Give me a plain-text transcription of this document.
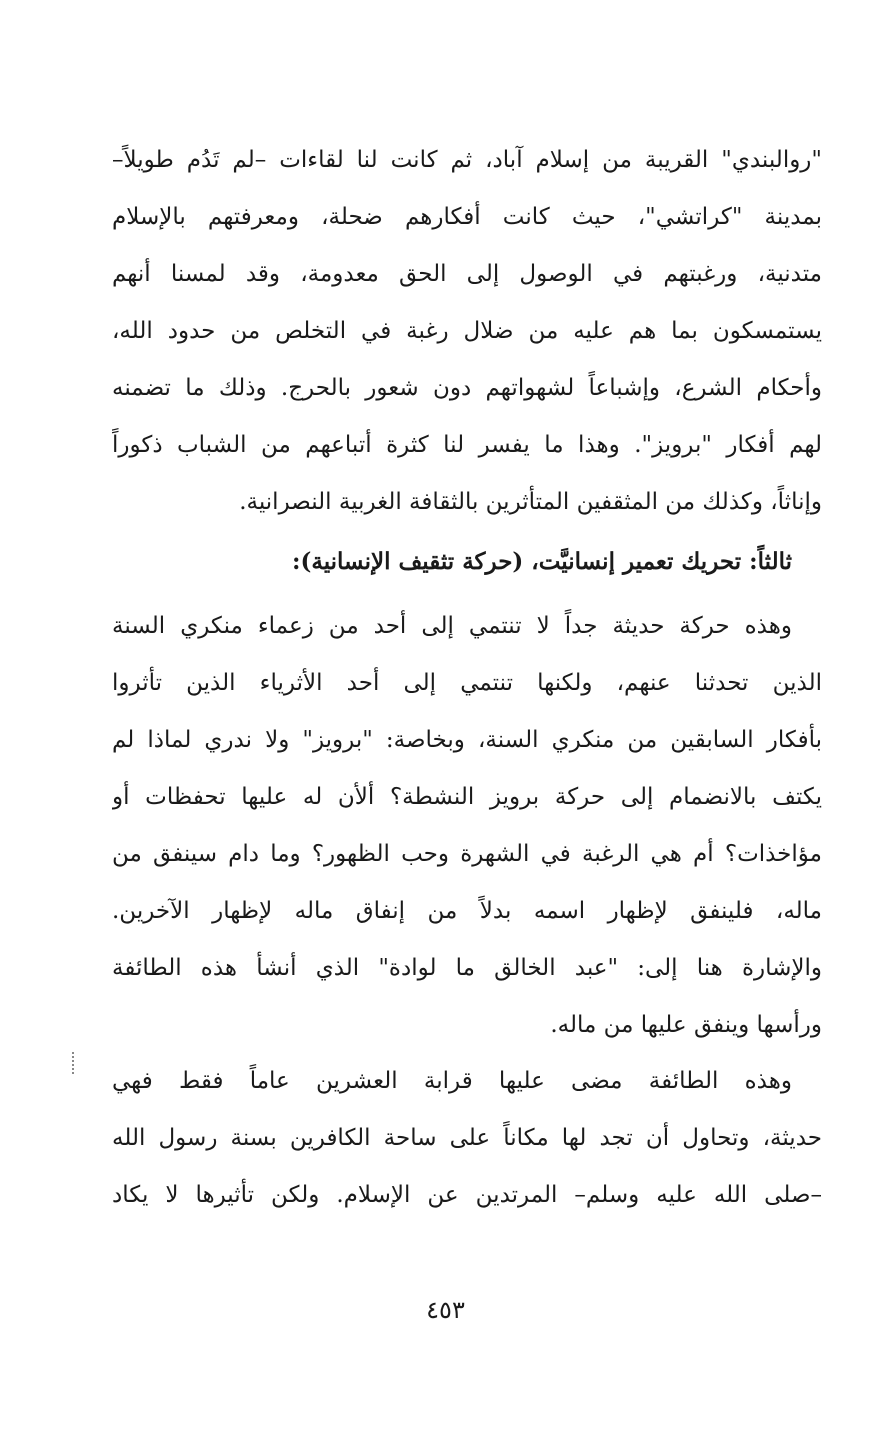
"روالبندي" القريبة من إسلام آباد، ثم كانت لنا لقاءات –لم تَدُم طويلاً–
بمدينة "كراتشي"، حيث كانت أفكارهم ضحلة، ومعرفتهم بالإسلام
متدنية، ورغبتهم في الوصول إلى الحق معدومة، وقد لمسنا أنهم
يستمسكون بما هم عليه من ضلال رغبة في التخلص من حدود الله،
وأحكام الشرع، وإشباعاً لشهواتهم دون شعور بالحرج. وذلك ما تضمنه
لهم أفكار "برويز". وهذا ما يفسر لنا كثرة أتباعهم من الشباب ذكوراً
وإناثاً، وكذلك من المثقفين المتأثرين بالثقافة الغربية النصرانية.
ثالثاً: تحريك تعمير إنسانيَّت، (حركة تثقيف الإنسانية):
وهذه حركة حديثة جداً لا تنتمي إلى أحد من زعماء منكري السنة
الذين تحدثنا عنهم، ولكنها تنتمي إلى أحد الأثرياء الذين تأثروا
بأفكار السابقين من منكري السنة، وبخاصة: "برويز" ولا ندري لماذا لم
يكتف بالانضمام إلى حركة برويز النشطة؟ ألأن له عليها تحفظات أو
مؤاخذات؟ أم هي الرغبة في الشهرة وحب الظهور؟ وما دام سينفق من
ماله، فلينفق لإظهار اسمه بدلاً من إنفاق ماله لإظهار الآخرين.
والإشارة هنا إلى: "عبد الخالق ما لوادة" الذي أنشأ هذه الطائفة
ورأسها وينفق عليها من ماله.
وهذه الطائفة مضى عليها قرابة العشرين عاماً فقط فهي
حديثة، وتحاول أن تجد لها مكاناً على ساحة الكافرين بسنة رسول الله
–صلى الله عليه وسلم– المرتدين عن الإسلام. ولكن تأثيرها لا يكاد
٤٥٣
